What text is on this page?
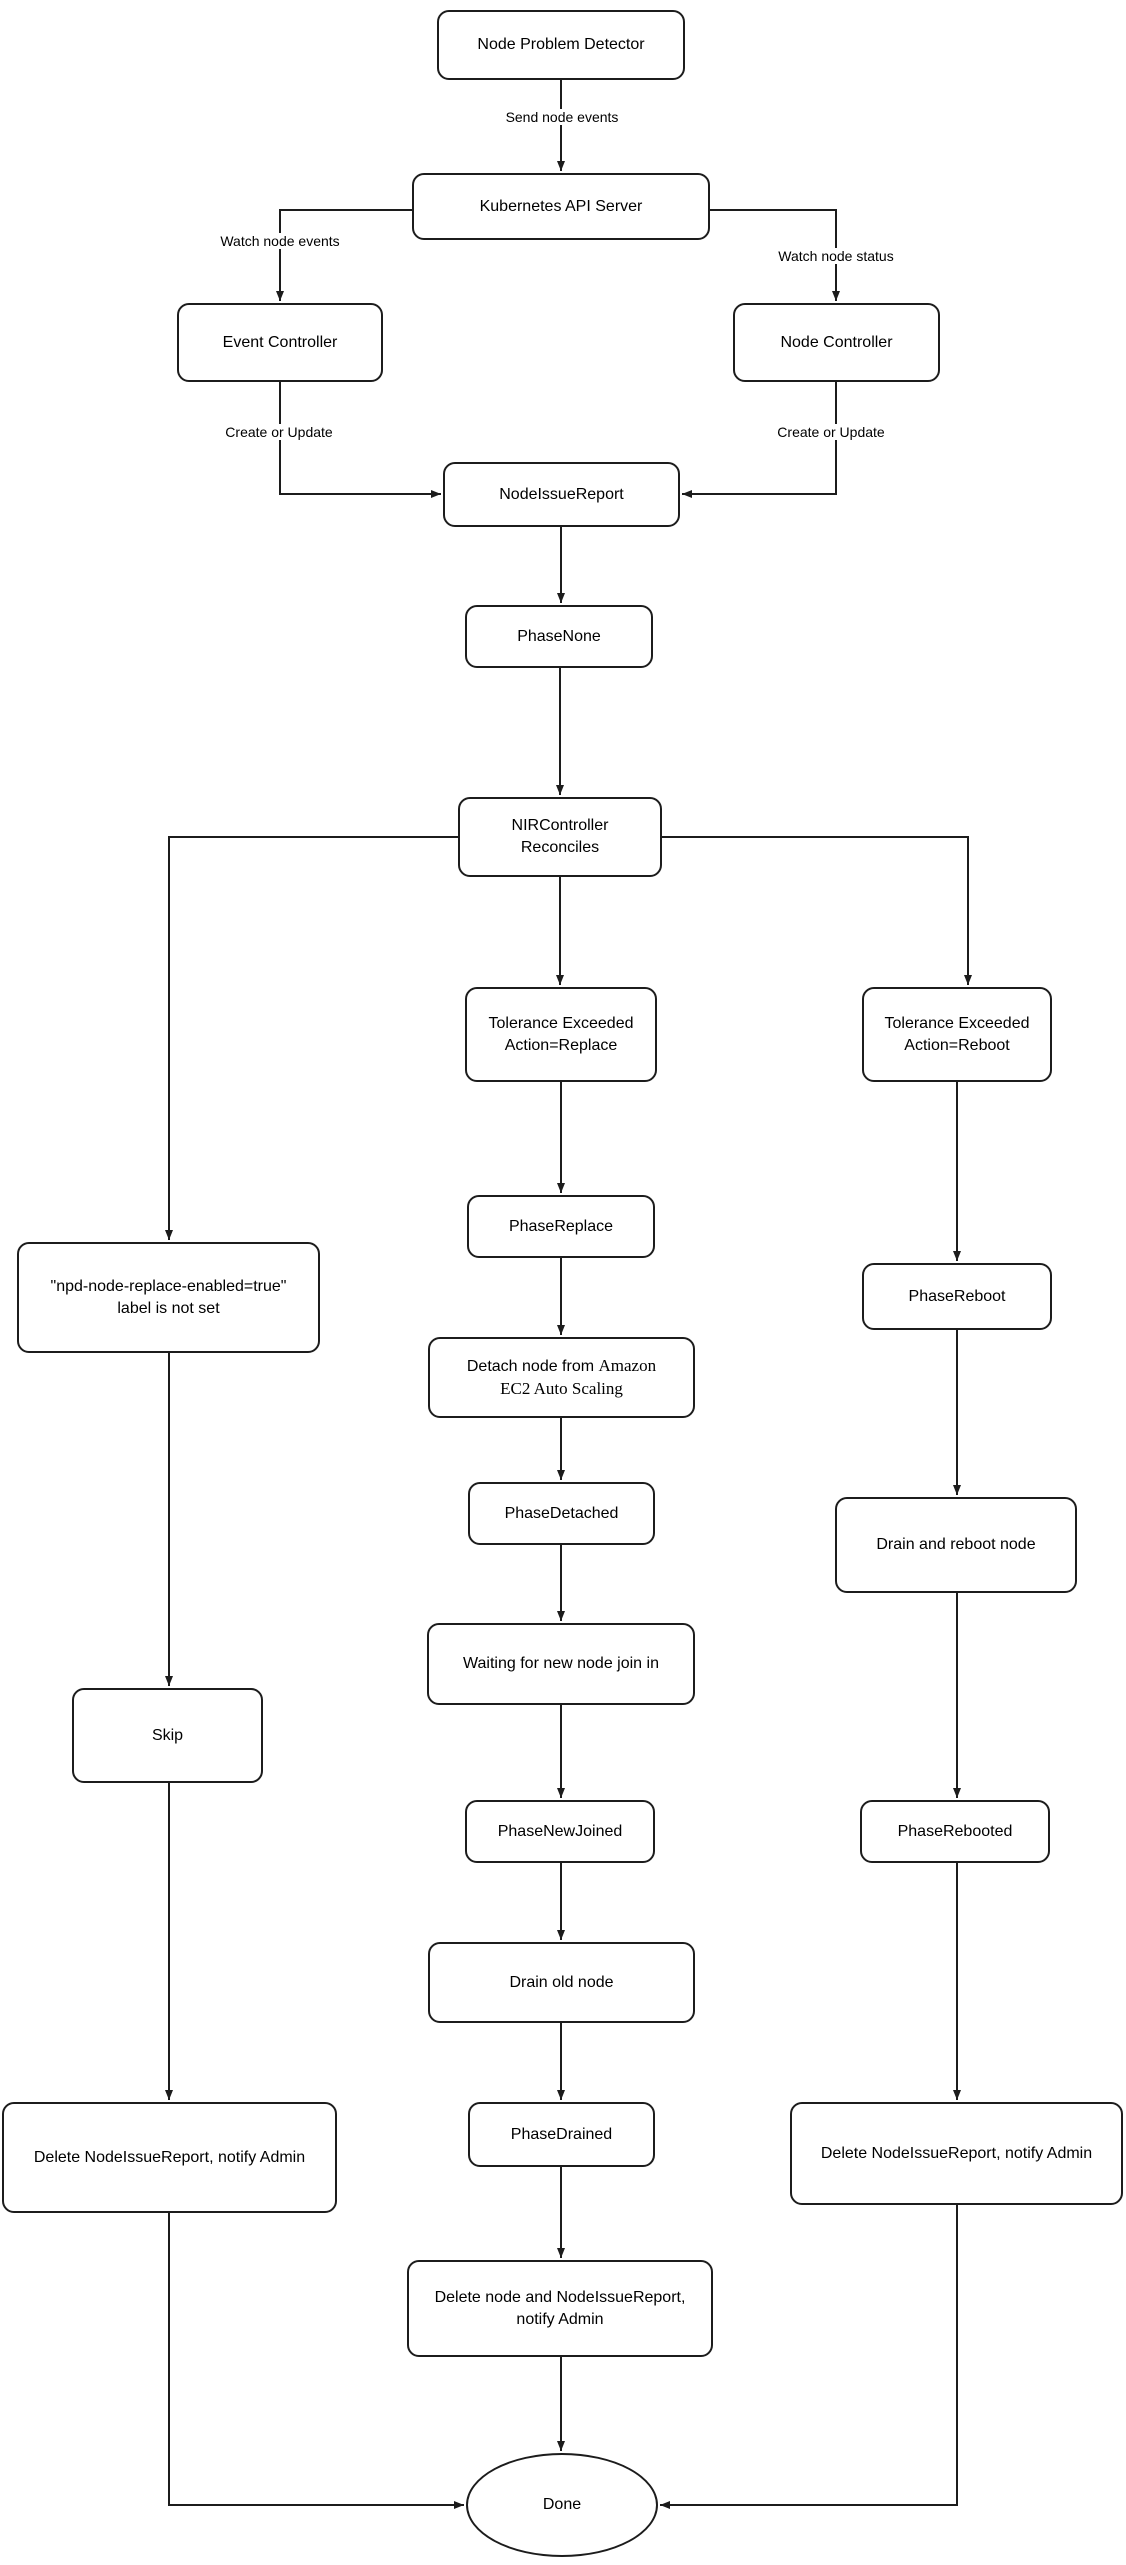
Node Problem Detector
Kubernetes API Server
Event Controller	Node Controller
NodeIssueReport
PhaseNone
NIRController
Reconciles
Tolerance Exceeded
Action=Replace
Tolerance Exceeded
Action=Reboot
"npd-node-replace-enabled=true"
label is not set
PhaseReplace
Detach node from Amazon
EC2 Auto Scaling
PhaseDetached
Waiting for new node join in
PhaseNewJoined
Drain old node
PhaseDrained
Delete node and NodeIssueReport,
notify Admin
Skip
Delete NodeIssueReport, notify Admin
PhaseReboot
Drain and reboot node
PhaseRebooted
Delete NodeIssueReport, notify Admin
Done
Send node events
Watch node events
Watch node status
Create or Update	Create or Update
